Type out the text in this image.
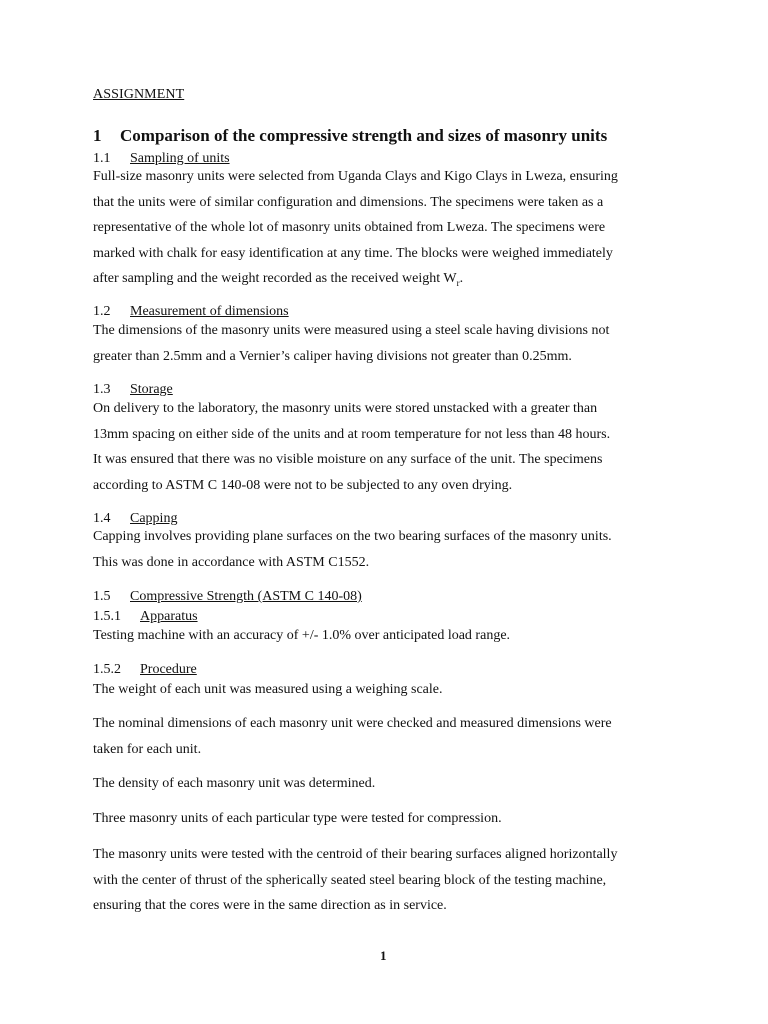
ASSIGNMENT
1 Comparison of the compressive strength and sizes of masonry units
1.1 Sampling of units
Full-size masonry units were selected from Uganda Clays and Kigo Clays in Lweza, ensuring
that the units were of similar configuration and dimensions. The specimens were taken as a
representative of the whole lot of masonry units obtained from Lweza. The specimens were
marked with chalk for easy identification at any time. The blocks were weighed immediately
after sampling and the weight recorded as the received weight $W_r$.
1.2 Measurement of dimensions
The dimensions of the masonry units were measured using a steel scale having divisions not
greater than 2.5mm and a Vernier’s caliper having divisions not greater than 0.25mm.
1.3 Storage
On delivery to the laboratory, the masonry units were stored unstacked with a greater than
13mm spacing on either side of the units and at room temperature for not less than 48 hours.
It was ensured that there was no visible moisture on any surface of the unit. The specimens
according to ASTM C 140-08 were not to be subjected to any oven drying.
1.4 Capping
Capping involves providing plane surfaces on the two bearing surfaces of the masonry units.
This was done in accordance with ASTM C1552.
1.5 Compressive Strength (ASTM C 140-08)
1.5.1 Apparatus
Testing machine with an accuracy of +/- 1.0% over anticipated load range.
1.5.2 Procedure
The weight of each unit was measured using a weighing scale.
The nominal dimensions of each masonry unit were checked and measured dimensions were
taken for each unit.
The density of each masonry unit was determined.
Three masonry units of each particular type were tested for compression.
The masonry units were tested with the centroid of their bearing surfaces aligned horizontally
with the center of thrust of the spherically seated steel bearing block of the testing machine,
ensuring that the cores were in the same direction as in service.
1
